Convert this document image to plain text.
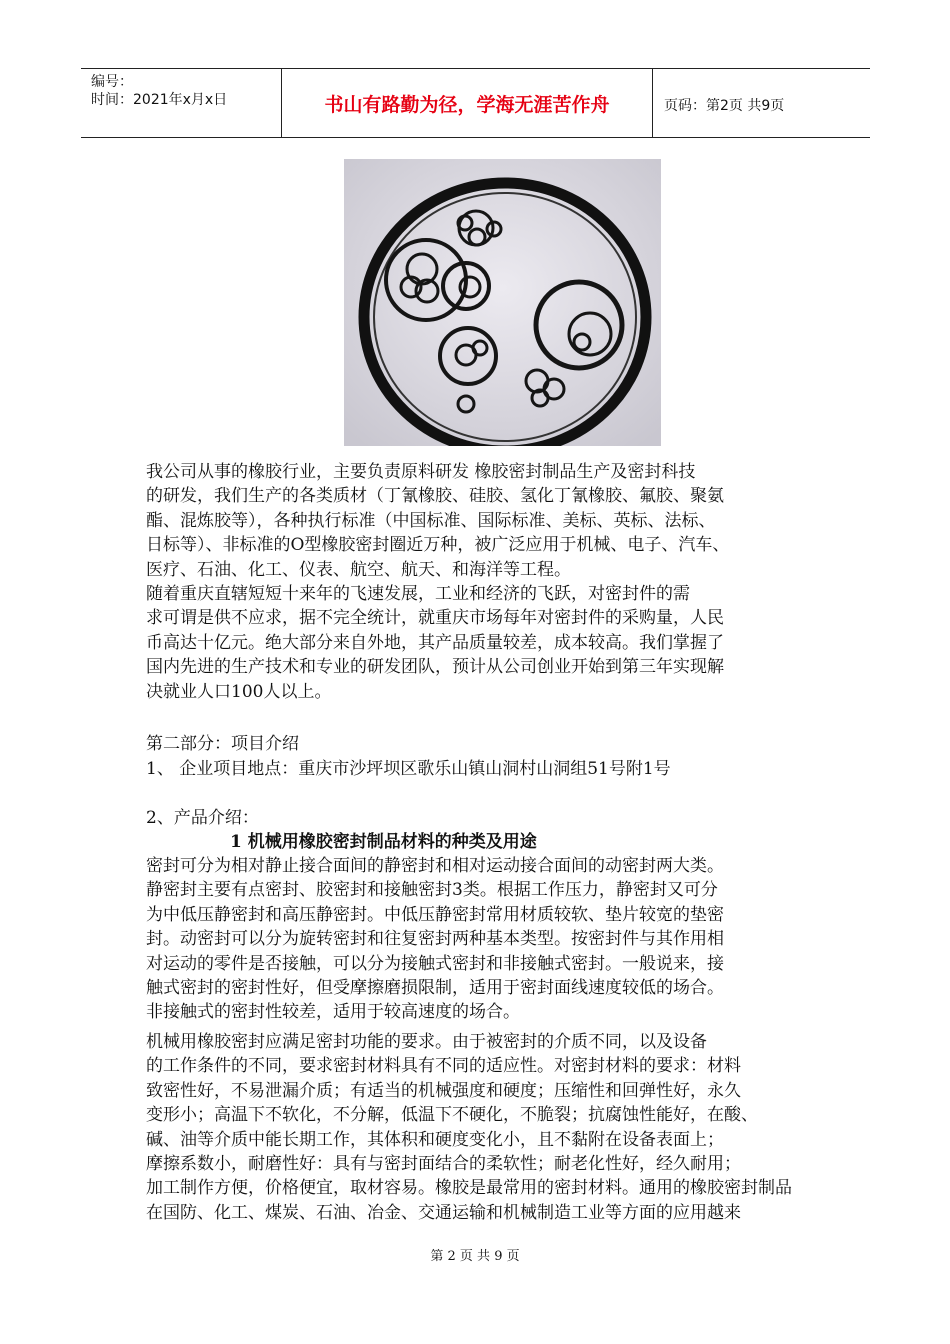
编号：
时间：2021年x月x日	书山有路勤为径，学海无涯苦作舟	页码：第2页 共9页
我公司从事的橡胶行业，主要负责原料研发 橡胶密封制品生产及密封科技
的研发，我们生产的各类质材（丁氰橡胶、硅胶、氢化丁氰橡胶、氟胶、聚氨
酯、混炼胶等），各种执行标准（中国标准、国际标准、美标、英标、法标、
日标等）、非标准的O型橡胶密封圈近万种，被广泛应用于机械、电子、汽车、
医疗、石油、化工、仪表、航空、航天、和海洋等工程。
随着重庆直辖短短十来年的飞速发展，工业和经济的飞跃，对密封件的需
求可谓是供不应求，据不完全统计，就重庆市场每年对密封件的采购量，人民
币高达十亿元。绝大部分来自外地，其产品质量较差，成本较高。我们掌握了
国内先进的生产技术和专业的研发团队，预计从公司创业开始到第三年实现解
决就业人口100人以上。
第二部分：项目介绍
1、 企业项目地点：重庆市沙坪坝区歌乐山镇山洞村山洞组51号附1号
2、产品介绍：
1 机械用橡胶密封制品材料的种类及用途
密封可分为相对静止接合面间的静密封和相对运动接合面间的动密封两大类。
静密封主要有点密封、胶密封和接触密封3类。根据工作压力，静密封又可分
为中低压静密封和高压静密封。中低压静密封常用材质较软、垫片较宽的垫密
封。动密封可以分为旋转密封和往复密封两种基本类型。按密封件与其作用相
对运动的零件是否接触，可以分为接触式密封和非接触式密封。一般说来，接
触式密封的密封性好，但受摩擦磨损限制，适用于密封面线速度较低的场合。
非接触式的密封性较差，适用于较高速度的场合。
机械用橡胶密封应满足密封功能的要求。由于被密封的介质不同，以及设备
的工作条件的不同，要求密封材料具有不同的适应性。对密封材料的要求：材料
致密性好，不易泄漏介质；有适当的机械强度和硬度；压缩性和回弹性好，永久
变形小；高温下不软化，不分解，低温下不硬化，不脆裂；抗腐蚀性能好，在酸、
碱、油等介质中能长期工作，其体积和硬度变化小，且不黏附在设备表面上；
摩擦系数小，耐磨性好：具有与密封面结合的柔软性；耐老化性好，经久耐用；
加工制作方便，价格便宜，取材容易。橡胶是最常用的密封材料。通用的橡胶密封制品
在国防、化工、煤炭、石油、冶金、交通运输和机械制造工业等方面的应用越来
第 2 页 共 9 页
